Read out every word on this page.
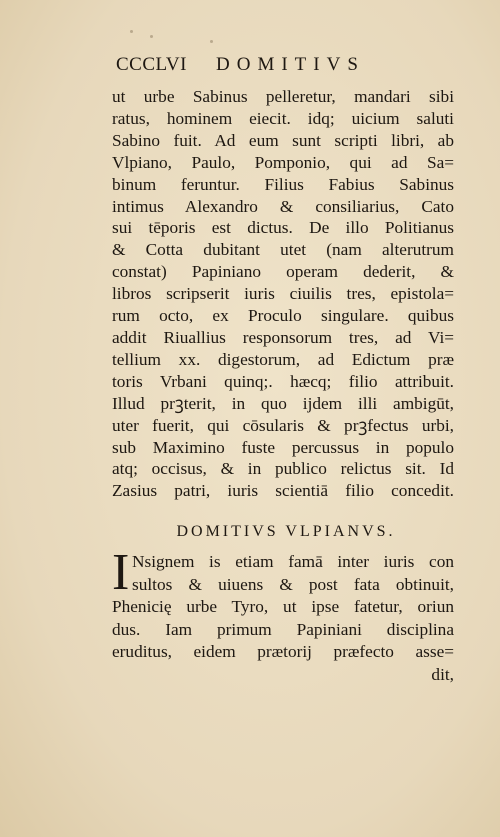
CCCLVI	DOMITIVS
ut urbe Sabinus pelleretur, mandari sibi
ratus, hominem eiecit. idq; uicium saluti
Sabino fuit. Ad eum sunt scripti libri, ab
Vlpiano, Paulo, Pomponio, qui ad Sa=
binum feruntur. Filius Fabius Sabinus
intimus Alexandro & consiliarius, Cato
sui tēporis est dictus. De illo Politianus
& Cotta dubitant utet (nam alterutrum
constat) Papiniano operam dederit, &
libros scripserit iuris ciuilis tres, epistola=
rum octo, ex Proculo singulare. quibus
addit Riuallius responsorum tres, ad Vi=
tellium xx. digestorum, ad Edictum præ
toris Vrbani quinq;. hæcq; filio attribuit.
Illud prꝫterit, in quo ijdem illi ambigūt,
uter fuerit, qui cōsularis & prꝫfectus urbi,
sub Maximino fuste percussus in populo
atq; occisus, & in publico relictus sit. Id
Zasius patri, iuris scientiā filio concedit.
DOMITIVS VLPIANVS.
I Nsignem is etiam famā inter iuris con
sultos & uiuens & post fata obtinuit,
Phenicię urbe Tyro, ut ipse fatetur, oriun
dus. Iam primum Papiniani disciplina
eruditus, eidem prætorij præfecto asse=
dit,
